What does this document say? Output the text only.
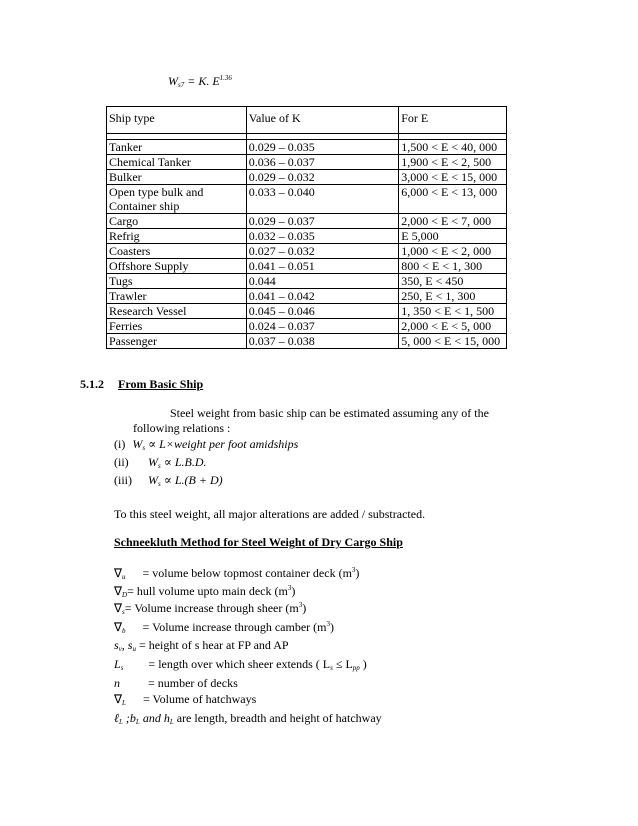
$W_{s7} = K$. $E^{1.36}$
Ship type	Value of K	For E

Tanker	0.029 – 0.035	1,500 < E < 40, 000
Chemical Tanker	0.036 – 0.037	1,900 < E < 2, 500
Bulker	0.029 – 0.032	3,000 < E < 15, 000
Open type bulk and
Container ship	0.033 – 0.040	6,000 < E < 13, 000
Cargo	0.029 – 0.037	2,000 < E < 7, 000
Refrig	0.032 – 0.035	E 5,000
Coasters	0.027 – 0.032	1,000 < E < 2, 000
Offshore Supply	0.041 – 0.051	800 < E < 1, 300
Tugs	0.044	350, E < 450
Trawler	0.041 – 0.042	250, E < 1, 300
Research Vessel	0.045 – 0.046	1, 350 < E < 1, 500
Ferries	0.024 – 0.037	2,000 < E < 5, 000
Passenger	0.037 – 0.038	5, 000 < E < 15, 000
5.1.2 From Basic Ship
Steel weight from basic ship can be estimated assuming any of the
following relations :
(i) $W_s$ ∝ L×weight per foot amidships
(ii) $W_s \propto L.B.D$.
(iii) $W_s \propto L.(B + D)$
To this steel weight, all major alterations are added / substracted.
Schneekluth Method for Steel Weight of Dry Cargo Ship
$\nabla_u$ = volume below topmost container deck $(m^3)$
$\nabla_D=$ hull volume upto main deck $(m^3)$
$\nabla_s=$ Volume increase through sheer $(m^3)$
$\nabla_b$ = Volume increase through camber $(m^3)$
$s_v$, $s_u$ = height of s hear at FP and AP
$L_s$ = length over which sheer extends ( $L_s \le L_{pp}$ )
n = number of decks
$\nabla_L$ = Volume of hatchways
ℓ$_L$ $;b_L$ and $h_L$ are length, breadth and height of hatchway
